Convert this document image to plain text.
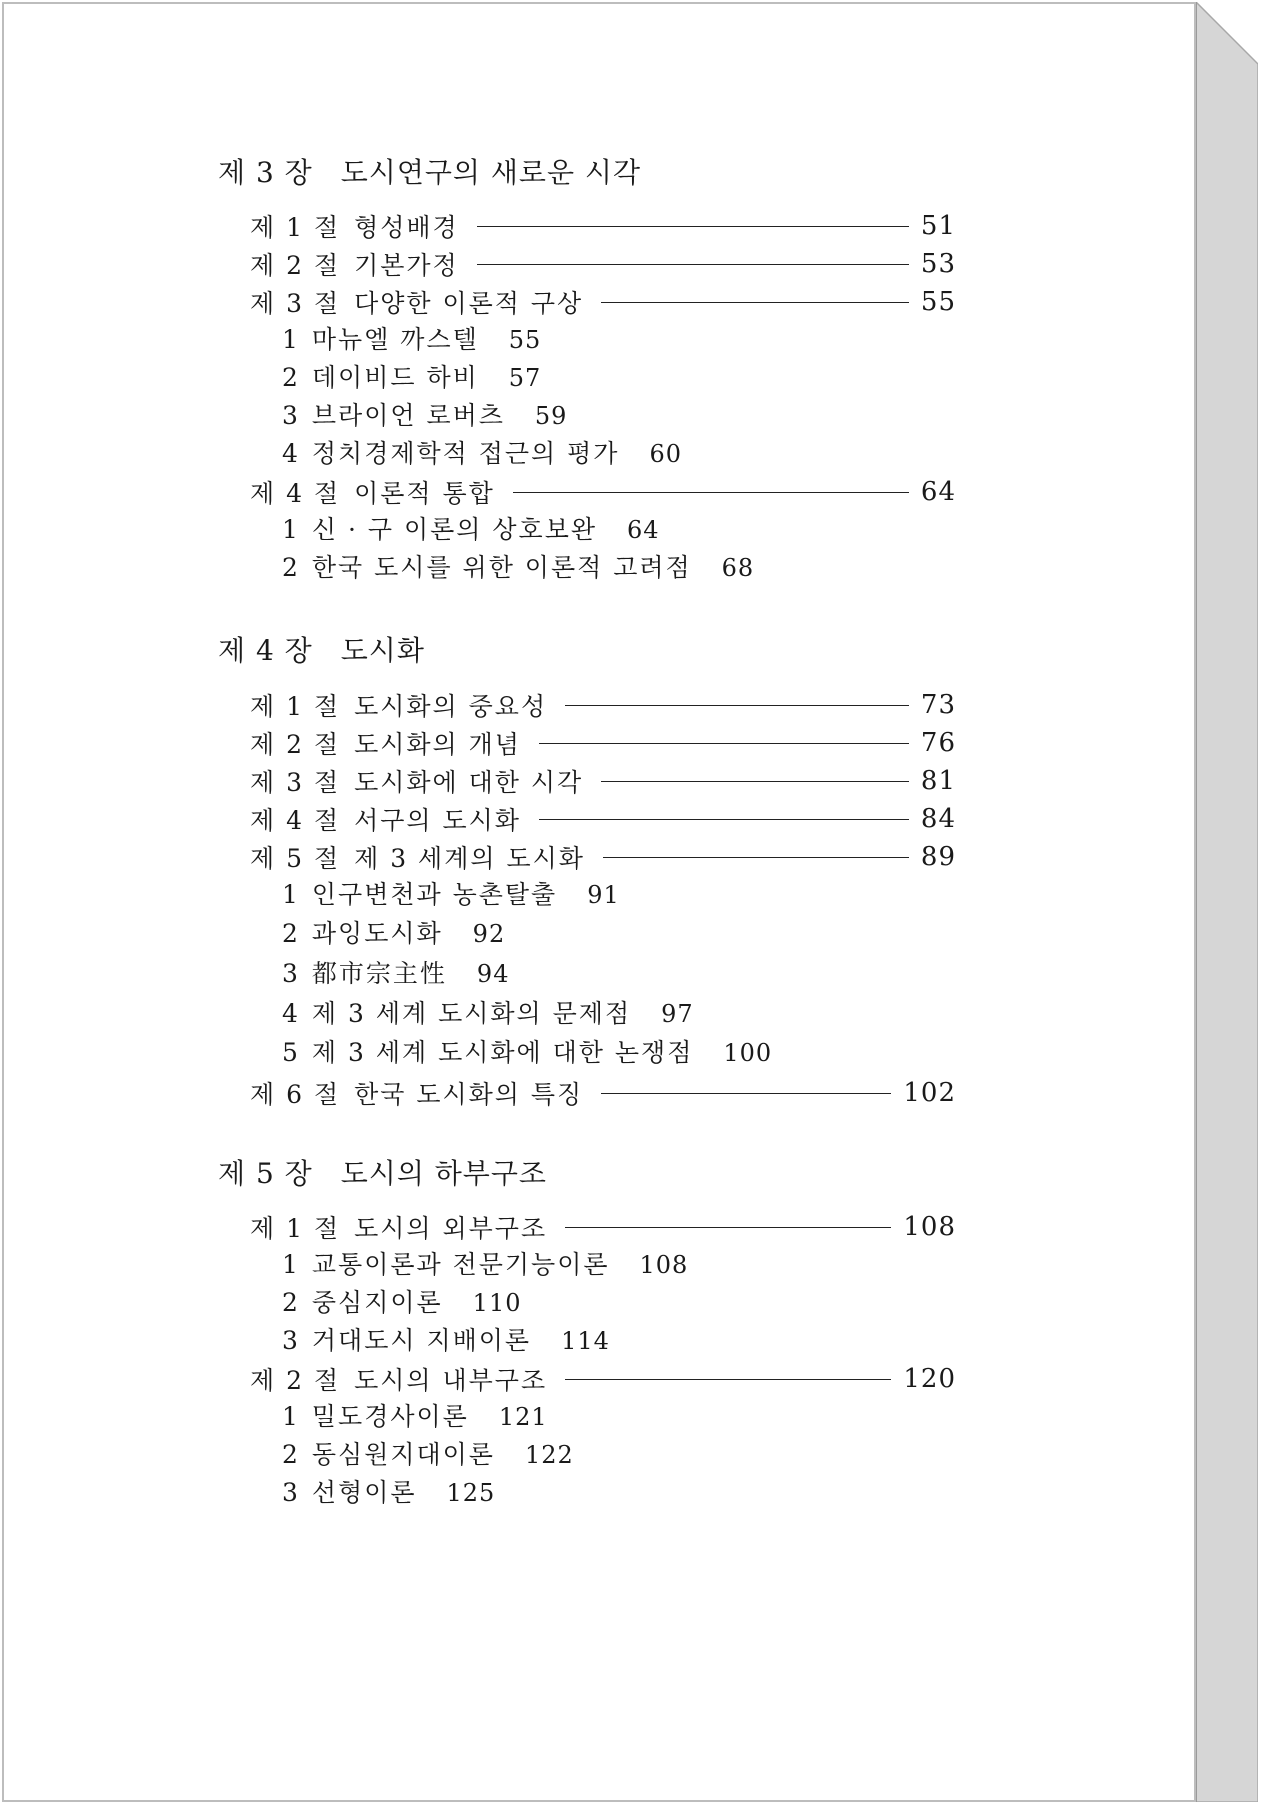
제 3 장 도시연구의 새로운 시각
제 1 절 형성배경	51
제 2 절 기본가정	53
제 3 절 다양한 이론적 구상	55
1 마뉴엘 까스텔 55
2 데이비드 하비 57
3 브라이언 로버츠 59
4 정치경제학적 접근의 평가 60
제 4 절 이론적 통합	64
1 신 · 구 이론의 상호보완 64
2 한국 도시를 위한 이론적 고려점 68
제 4 장 도시화
제 1 절 도시화의 중요성	73
제 2 절 도시화의 개념	76
제 3 절 도시화에 대한 시각	81
제 4 절 서구의 도시화	84
제 5 절 제 3 세계의 도시화	89
1 인구변천과 농촌탈출 91
2 과잉도시화 92
3 都市宗主性 94
4 제 3 세계 도시화의 문제점 97
5 제 3 세계 도시화에 대한 논쟁점 100
제 6 절 한국 도시화의 특징	102
제 5 장 도시의 하부구조
제 1 절 도시의 외부구조	108
1 교통이론과 전문기능이론 108
2 중심지이론 110
3 거대도시 지배이론 114
제 2 절 도시의 내부구조	120
1 밀도경사이론 121
2 동심원지대이론 122
3 선형이론 125
